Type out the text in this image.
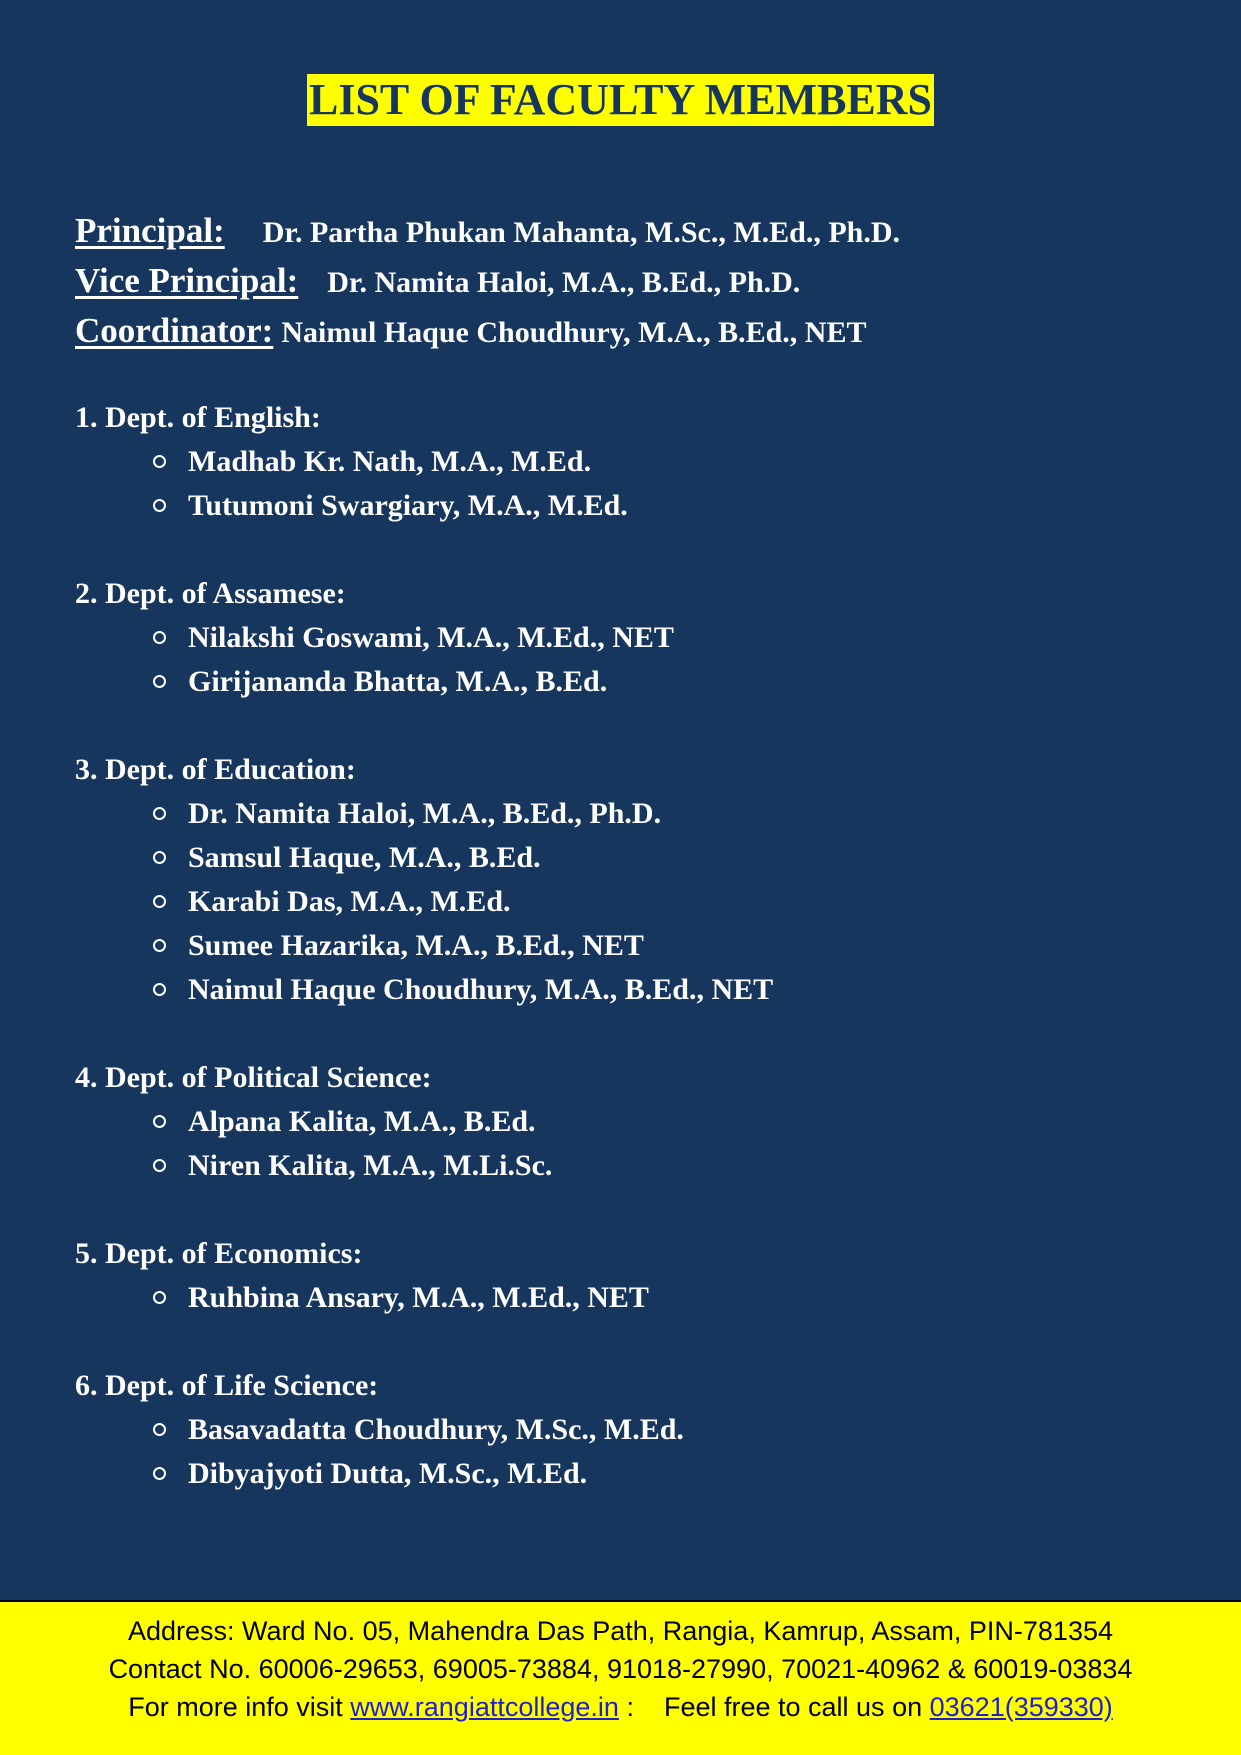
LIST OF FACULTY MEMBERS
Principal: Dr. Partha Phukan Mahanta, M.Sc., M.Ed., Ph.D.
Vice Principal: Dr. Namita Haloi, M.A., B.Ed., Ph.D.
Coordinator: Naimul Haque Choudhury, M.A., B.Ed., NET
1. Dept. of English:
Madhab Kr. Nath, M.A., M.Ed.
Tutumoni Swargiary, M.A., M.Ed.
2. Dept. of Assamese:
Nilakshi Goswami, M.A., M.Ed., NET
Girijananda Bhatta, M.A., B.Ed.
3. Dept. of Education:
Dr. Namita Haloi, M.A., B.Ed., Ph.D.
Samsul Haque, M.A., B.Ed.
Karabi Das, M.A., M.Ed.
Sumee Hazarika, M.A., B.Ed., NET
Naimul Haque Choudhury, M.A., B.Ed., NET
4. Dept. of Political Science:
Alpana Kalita, M.A., B.Ed.
Niren Kalita, M.A., M.Li.Sc.
5. Dept. of Economics:
Ruhbina Ansary, M.A., M.Ed., NET
6. Dept. of Life Science:
Basavadatta Choudhury, M.Sc., M.Ed.
Dibyajyoti Dutta, M.Sc., M.Ed.
Address: Ward No. 05, Mahendra Das Path, Rangia, Kamrup, Assam, PIN-781354
Contact No. 60006-29653, 69005-73884, 91018-27990, 70021-40962 & 60019-03834
For more info visit www.rangiattcollege.in :    Feel free to call us on 03621(359330)
